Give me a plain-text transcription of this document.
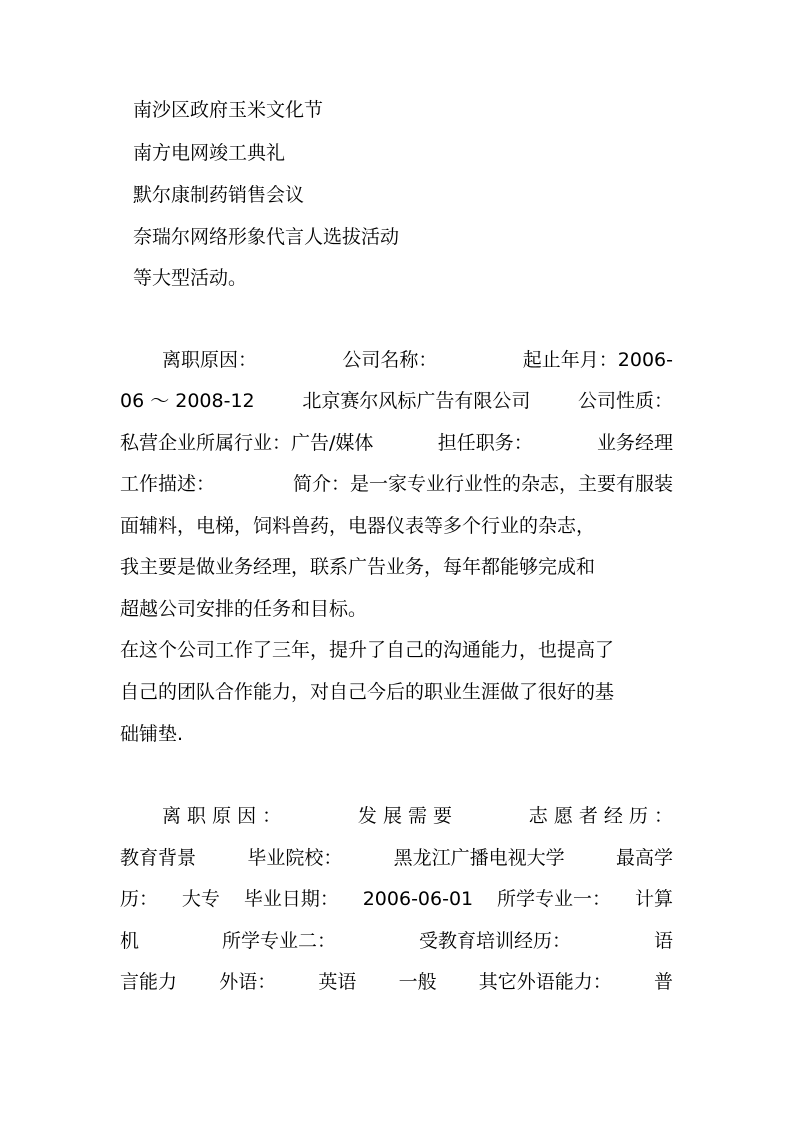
南沙区政府玉米文化节
南方电网竣工典礼
默尔康制药销售会议
奈瑞尔网络形象代言人选拔活动
等大型活动。
离职原因：	公司名称：	起止年月：2006-
06 ～ 2008-12	北京赛尔风标广告有限公司	公司性质：
私营企业所属行业：广告/媒体	担任职务：	业务经理
工作描述：	简介：是一家专业行业性的杂志，主要有服装
面辅料，电梯，饲料兽药，电器仪表等多个行业的杂志，
我主要是做业务经理，联系广告业务，每年都能够完成和
超越公司安排的任务和目标。
在这个公司工作了三年，提升了自己的沟通能力，也提高了
自己的团队合作能力，对自己今后的职业生涯做了很好的基
础铺垫.
离 职 原 因 ：	发 展 需 要	志 愿 者 经 历 ：
教育背景	毕业院校：	黑龙江广播电视大学	最高学
历： 大专 毕业日期： 2006-06-01 所学专业一： 计算
机	所学专业二：	受教育培训经历：	语
言能力 外语： 英语 一般 其它外语能力： 普
